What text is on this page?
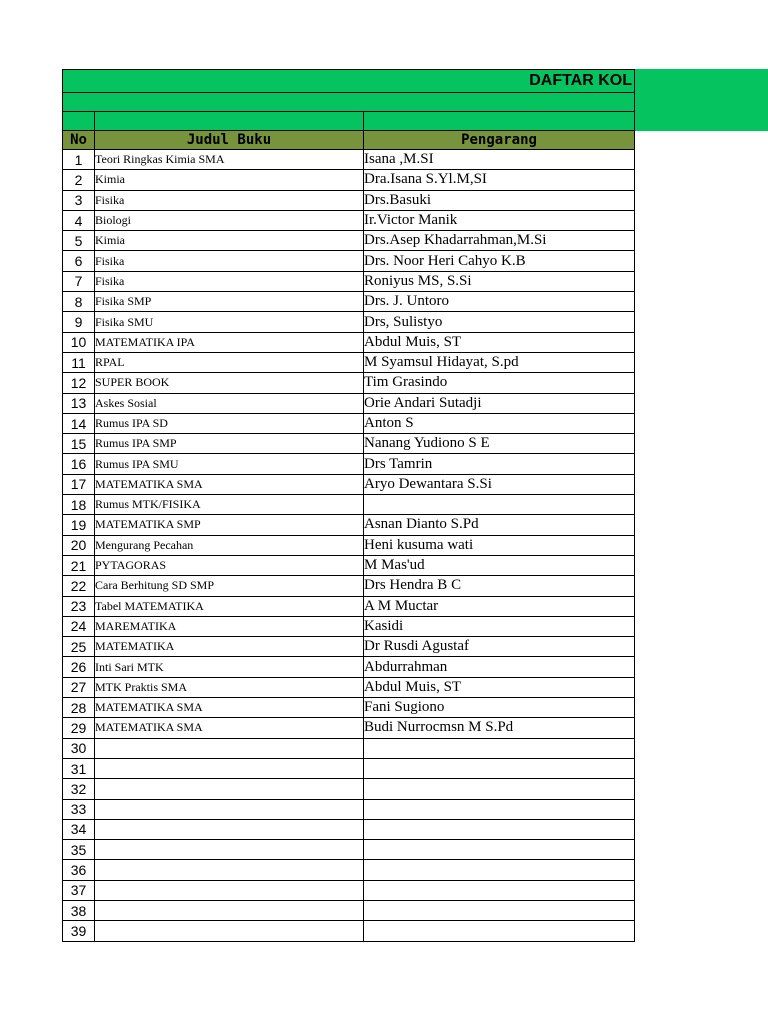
DAFTAR KOL		

No	Judul Buku	Pengarang
1	Teori Ringkas Kimia SMA	Isana ,M.SI
2	Kimia	Dra.Isana S.Yl.M,SI
3	Fisika	Drs.Basuki
4	Biologi	Ir.Victor Manik
5	Kimia	Drs.Asep Khadarrahman,M.Si
6	Fisika	Drs. Noor Heri Cahyo K.B
7	Fisika	Roniyus MS, S.Si
8	Fisika SMP	Drs. J. Untoro
9	Fisika SMU	Drs, Sulistyo
10	MATEMATIKA IPA	Abdul Muis, ST
11	RPAL	M Syamsul Hidayat, S.pd
12	SUPER BOOK	Tim Grasindo
13	Askes Sosial	Orie Andari Sutadji
14	Rumus IPA SD	Anton S
15	Rumus IPA SMP	Nanang Yudiono S E
16	Rumus IPA SMU	Drs Tamrin
17	MATEMATIKA SMA	Aryo Dewantara S.Si
18	Rumus MTK/FISIKA	
19	MATEMATIKA SMP	Asnan Dianto S.Pd
20	Mengurang Pecahan	Heni kusuma wati
21	PYTAGORAS	M Mas'ud
22	Cara Berhitung SD SMP	Drs Hendra B C
23	Tabel MATEMATIKA	A M Muctar
24	MAREMATIKA	Kasidi
25	MATEMATIKA	Dr Rusdi Agustaf
26	Inti Sari MTK	Abdurrahman
27	MTK Praktis SMA	Abdul Muis, ST
28	MATEMATIKA SMA	Fani Sugiono
29	MATEMATIKA SMA	Budi Nurrocmsn M S.Pd
30		
31		
32		
33		
34		
35		
36		
37		
38		
39		
